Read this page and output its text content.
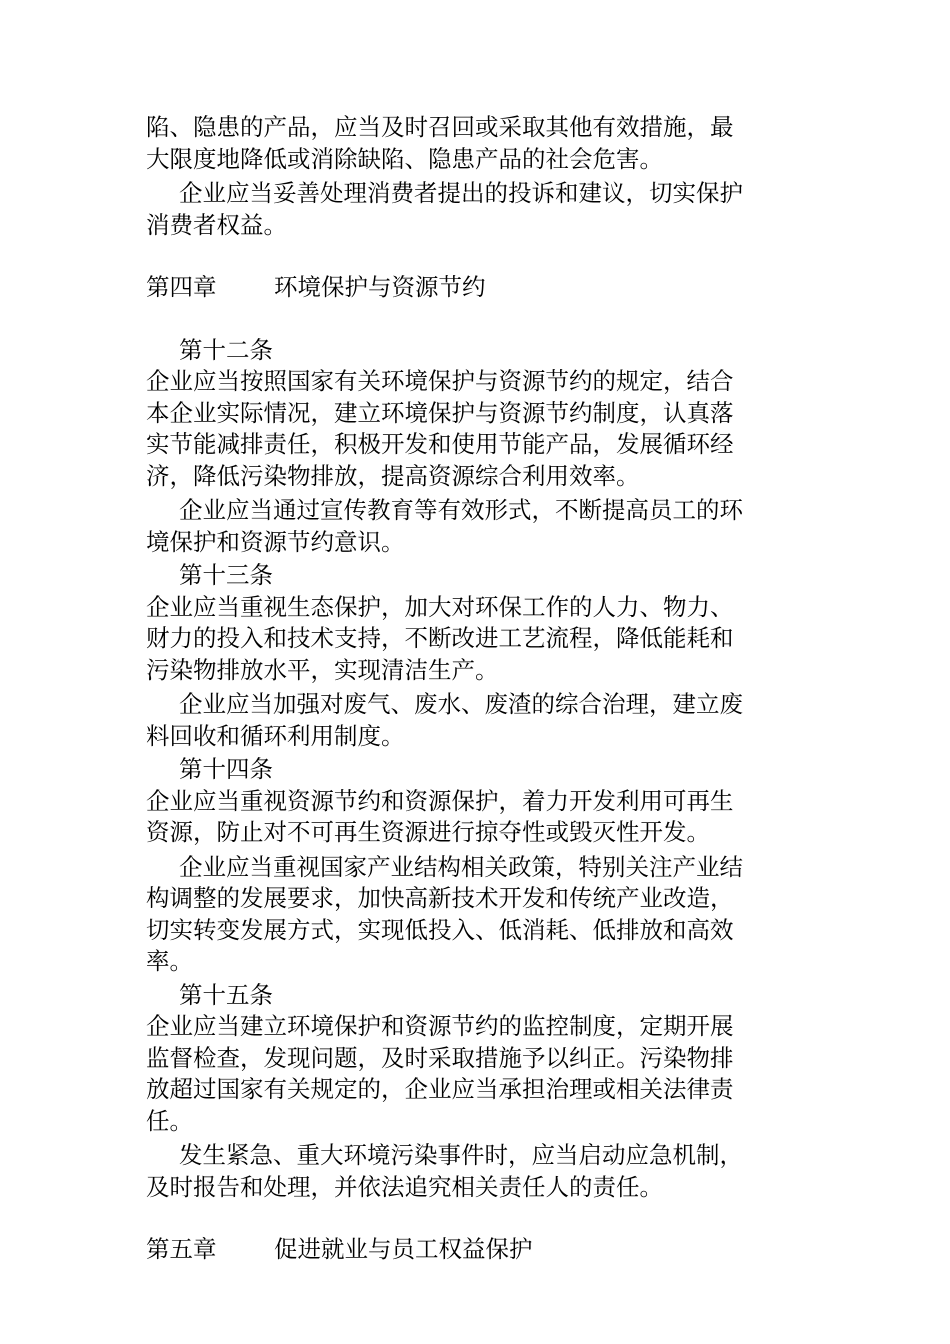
陷、隐患的产品，应当及时召回或采取其他有效措施，最
大限度地降低或消除缺陷、隐患产品的社会危害。
企业应当妥善处理消费者提出的投诉和建议，切实保护
消费者权益。
第四章 环境保护与资源节约
第十二条
企业应当按照国家有关环境保护与资源节约的规定，结合
本企业实际情况，建立环境保护与资源节约制度，认真落
实节能减排责任，积极开发和使用节能产品，发展循环经
济，降低污染物排放，提高资源综合利用效率。
企业应当通过宣传教育等有效形式，不断提高员工的环
境保护和资源节约意识。
第十三条
企业应当重视生态保护，加大对环保工作的人力、物力、
财力的投入和技术支持，不断改进工艺流程，降低能耗和
污染物排放水平，实现清洁生产。
企业应当加强对废气、废水、废渣的综合治理，建立废
料回收和循环利用制度。
第十四条
企业应当重视资源节约和资源保护，着力开发利用可再生
资源，防止对不可再生资源进行掠夺性或毁灭性开发。
企业应当重视国家产业结构相关政策，特别关注产业结
构调整的发展要求，加快高新技术开发和传统产业改造，
切实转变发展方式，实现低投入、低消耗、低排放和高效
率。
第十五条
企业应当建立环境保护和资源节约的监控制度，定期开展
监督检查，发现问题，及时采取措施予以纠正。污染物排
放超过国家有关规定的，企业应当承担治理或相关法律责
任。
发生紧急、重大环境污染事件时，应当启动应急机制，
及时报告和处理，并依法追究相关责任人的责任。
第五章 促进就业与员工权益保护
